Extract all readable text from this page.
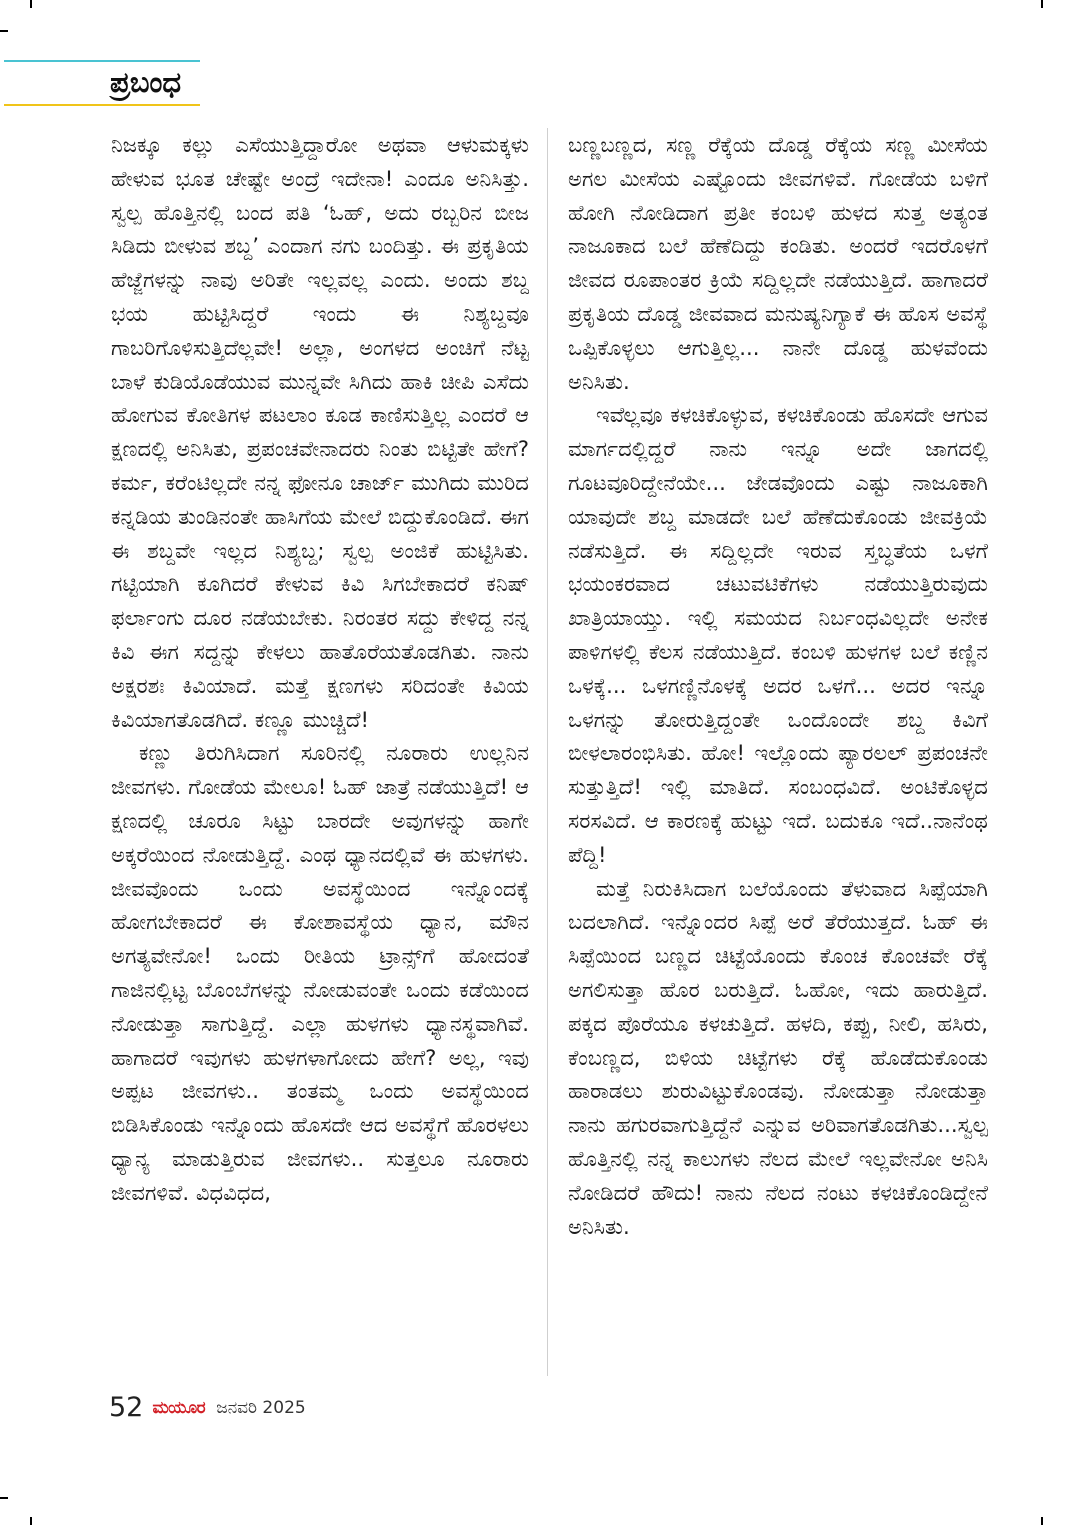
ಪ್ರಬಂಧ

ನಿಜಕ್ಕೂ ಕಲ್ಲು ಎಸೆಯುತ್ತಿದ್ದಾರೋ ಅಥವಾ ಆಳುಮಕ್ಕಳು ಹೇಳುವ ಭೂತ ಚೇಷ್ಟೇ ಅಂದ್ರೆ ಇದೇನಾ! ಎಂದೂ ಅನಿಸಿತ್ತು. ಸ್ವಲ್ಪ ಹೊತ್ತಿನಲ್ಲಿ ಬಂದ ಪತಿ ‘ಓಹ್, ಅದು ರಬ್ಬರಿನ ಬೀಜ ಸಿಡಿದು ಬೀಳುವ ಶಬ್ದ’ ಎಂದಾಗ ನಗು ಬಂದಿತ್ತು. ಈ ಪ್ರಕೃತಿಯ ಹೆಜ್ಜೆಗಳನ್ನು ನಾವು ಅರಿತೇ ಇಲ್ಲವಲ್ಲ ಎಂದು. ಅಂದು ಶಬ್ದ ಭಯ ಹುಟ್ಟಿಸಿದ್ದರೆ ಇಂದು ಈ ನಿಶ್ಯಬ್ದವೂ ಗಾಬರಿಗೊಳಿಸುತ್ತಿದೆಲ್ಲವೇ! ಅಲ್ಲಾ, ಅಂಗಳದ ಅಂಚಿಗೆ ನೆಟ್ಟ ಬಾಳೆ ಕುಡಿಯೊಡೆಯುವ ಮುನ್ನವೇ ಸಿಗಿದು ಹಾಕಿ ಚೀಪಿ ಎಸೆದು ಹೋಗುವ ಕೋತಿಗಳ ಪಟಲಾಂ ಕೂಡ ಕಾಣಿಸುತ್ತಿಲ್ಲ ಎಂದರೆ ಆ ಕ್ಷಣದಲ್ಲಿ ಅನಿಸಿತು, ಪ್ರಪಂಚವೇನಾದರು ನಿಂತು ಬಿಟ್ಟಿತೇ ಹೇಗೆ? ಕರ್ಮ, ಕರೆಂಟಿಲ್ಲದೇ ನನ್ನ ಫೋನೂ ಚಾರ್ಜ್ ಮುಗಿದು ಮುರಿದ ಕನ್ನಡಿಯ ತುಂಡಿನಂತೇ ಹಾಸಿಗೆಯ ಮೇಲೆ ಬಿದ್ದುಕೊಂಡಿದೆ. ಈಗ ಈ ಶಬ್ದವೇ ಇಲ್ಲದ ನಿಶ್ಯಬ್ದ; ಸ್ವಲ್ಪ ಅಂಜಿಕೆ ಹುಟ್ಟಿಸಿತು. ಗಟ್ಟಿಯಾಗಿ ಕೂಗಿದರೆ ಕೇಳುವ ಕಿವಿ ಸಿಗಬೇಕಾದರೆ ಕನಿಷ್ ಫರ್ಲಾಂಗು ದೂರ ನಡೆಯಬೇಕು. ನಿರಂತರ ಸದ್ದು ಕೇಳಿದ್ದ ನನ್ನ ಕಿವಿ ಈಗ ಸದ್ದನ್ನು ಕೇಳಲು ಹಾತೊರೆಯತೊಡಗಿತು. ನಾನು ಅಕ್ಷರಶಃ ಕಿವಿಯಾದೆ. ಮತ್ತೆ ಕ್ಷಣಗಳು ಸರಿದಂತೇ ಕಿವಿಯ ಕಿವಿಯಾಗತೊಡಗಿದೆ. ಕಣ್ಣೂ ಮುಚ್ಚಿದೆ!

ಕಣ್ಣು ತಿರುಗಿಸಿದಾಗ ಸೂರಿನಲ್ಲಿ ನೂರಾರು ಉಲ್ಲನಿನ ಜೀವಗಳು. ಗೋಡೆಯ ಮೇಲೂ! ಓಹ್ ಜಾತ್ರೆ ನಡೆಯುತ್ತಿದೆ! ಆ ಕ್ಷಣದಲ್ಲಿ ಚೂರೂ ಸಿಟ್ಟು ಬಾರದೇ ಅವುಗಳನ್ನು ಹಾಗೇ ಅಕ್ಕರೆಯಿಂದ ನೋಡುತ್ತಿದ್ದೆ. ಎಂಥ ಧ್ಯಾನದಲ್ಲಿವೆ ಈ ಹುಳಗಳು. ಜೀವವೊಂದು ಒಂದು ಅವಸ್ಥೆಯಿಂದ ಇನ್ನೊಂದಕ್ಕೆ ಹೋಗಬೇಕಾದರೆ ಈ ಕೋಶಾವಸ್ಥೆಯ ಧ್ಯಾನ, ಮೌನ ಅಗತ್ಯವೇನೋ! ಒಂದು ರೀತಿಯ ಟ್ರಾನ್ಸ್‌ಗೆ ಹೋದಂತೆ ಗಾಜಿನಲ್ಲಿಟ್ಟ ಬೊಂಬೆಗಳನ್ನು ನೋಡುವಂತೇ ಒಂದು ಕಡೆಯಿಂದ ನೋಡುತ್ತಾ ಸಾಗುತ್ತಿದ್ದೆ. ಎಲ್ಲಾ ಹುಳಗಳು ಧ್ಯಾನಸ್ಥವಾಗಿವೆ. ಹಾಗಾದರೆ ಇವುಗಳು ಹುಳಗಳಾಗೋದು ಹೇಗೆ? ಅಲ್ಲ, ಇವು ಅಪ್ಪಟ ಜೀವಗಳು.. ತಂತಮ್ಮ ಒಂದು ಅವಸ್ಥೆಯಿಂದ ಬಿಡಿಸಿಕೊಂಡು ಇನ್ನೊಂದು ಹೊಸದೇ ಆದ ಅವಸ್ಥೆಗೆ ಹೊರಳಲು ಧ್ಯಾನ್ಯ ಮಾಡುತ್ತಿರುವ ಜೀವಗಳು.. ಸುತ್ತಲೂ ನೂರಾರು ಜೀವಗಳಿವೆ. ವಿಧವಿಧದ,

ಬಣ್ಣಬಣ್ಣದ, ಸಣ್ಣ ರೆಕ್ಕೆಯ ದೊಡ್ಡ ರೆಕ್ಕೆಯ ಸಣ್ಣ ಮೀಸೆಯ ಅಗಲ ಮೀಸೆಯ ಎಷ್ಟೊಂದು ಜೀವಗಳಿವೆ. ಗೋಡೆಯ ಬಳಿಗೆ ಹೋಗಿ ನೋಡಿದಾಗ ಪ್ರತೀ ಕಂಬಳಿ ಹುಳದ ಸುತ್ತ ಅತ್ಯಂತ ನಾಜೂಕಾದ ಬಲೆ ಹೆಣೆದಿದ್ದು ಕಂಡಿತು. ಅಂದರೆ ಇದರೊಳಗೆ ಜೀವದ ರೂಪಾಂತರ ಕ್ರಿಯೆ ಸದ್ದಿಲ್ಲದೇ ನಡೆಯುತ್ತಿದೆ. ಹಾಗಾದರೆ ಪ್ರಕೃತಿಯ ದೊಡ್ಡ ಜೀವವಾದ ಮನುಷ್ಯನಿಗ್ಯಾಕೆ ಈ ಹೊಸ ಅವಸ್ಥೆ ಒಪ್ಪಿಕೊಳ್ಳಲು ಆಗುತ್ತಿಲ್ಲ... ನಾನೇ ದೊಡ್ಡ ಹುಳವೆಂದು ಅನಿಸಿತು.

ಇವೆಲ್ಲವೂ ಕಳಚಿಕೊಳ್ಳುವ, ಕಳಚಿಕೊಂಡು ಹೊಸದೇ ಆಗುವ ಮಾರ್ಗದಲ್ಲಿದ್ದರೆ ನಾನು ಇನ್ನೂ ಅದೇ ಜಾಗದಲ್ಲಿ ಗೂಟವೂರಿದ್ದೇನೆಯೇ... ಜೇಡವೊಂದು ಎಷ್ಟು ನಾಜೂಕಾಗಿ ಯಾವುದೇ ಶಬ್ದ ಮಾಡದೇ ಬಲೆ ಹೆಣೆದುಕೊಂಡು ಜೀವಕ್ರಿಯೆ ನಡೆಸುತ್ತಿದೆ. ಈ ಸದ್ದಿಲ್ಲದೇ ಇರುವ ಸ್ತಬ್ಧತೆಯ ಒಳಗೆ ಭಯಂಕರವಾದ ಚಟುವಟಿಕೆಗಳು ನಡೆಯುತ್ತಿರುವುದು ಖಾತ್ರಿಯಾಯ್ತು. ಇಲ್ಲಿ ಸಮಯದ ನಿರ್ಬಂಧವಿಲ್ಲದೇ ಅನೇಕ ಪಾಳಿಗಳಲ್ಲಿ ಕೆಲಸ ನಡೆಯುತ್ತಿದೆ. ಕಂಬಳಿ ಹುಳಗಳ ಬಲೆ ಕಣ್ಣಿನ ಒಳಕ್ಕೆ... ಒಳಗಣ್ಣಿನೊಳಕ್ಕೆ ಅದರ ಒಳಗೆ... ಅದರ ಇನ್ನೂ ಒಳಗನ್ನು ತೋರುತ್ತಿದ್ದಂತೇ ಒಂದೊಂದೇ ಶಬ್ದ ಕಿವಿಗೆ ಬೀಳಲಾರಂಭಿಸಿತು. ಹೋ! ಇಲ್ಲೊಂದು ಪ್ಯಾರಲಲ್ ಪ್ರಪಂಚನೇ ಸುತ್ತುತ್ತಿದೆ! ಇಲ್ಲಿ ಮಾತಿದೆ. ಸಂಬಂಧವಿದೆ. ಅಂಟಿಕೊಳ್ಳದ ಸರಸವಿದೆ. ಆ ಕಾರಣಕ್ಕೆ ಹುಟ್ಟು ಇದೆ. ಬದುಕೂ ಇದೆ..ನಾನೆಂಥ ಪೆದ್ದಿ!

ಮತ್ತೆ ನಿರುಕಿಸಿದಾಗ ಬಲೆಯೊಂದು ತೆಳುವಾದ ಸಿಪ್ಪೆಯಾಗಿ ಬದಲಾಗಿದೆ. ಇನ್ನೊಂದರ ಸಿಪ್ಪೆ ಅರೆ ತೆರೆಯುತ್ತದೆ. ಓಹ್ ಈ ಸಿಪ್ಪೆಯಿಂದ ಬಣ್ಣದ ಚಿಟ್ಟೆಯೊಂದು ಕೊಂಚ ಕೊಂಚವೇ ರೆಕ್ಕೆ ಅಗಲಿಸುತ್ತಾ ಹೊರ ಬರುತ್ತಿದೆ. ಓಹೋ, ಇದು ಹಾರುತ್ತಿದೆ. ಪಕ್ಕದ ಪೊರೆಯೂ ಕಳಚುತ್ತಿದೆ. ಹಳದಿ, ಕಪ್ಪು, ನೀಲಿ, ಹಸಿರು, ಕೆಂಬಣ್ಣದ, ಬಿಳಿಯ ಚಿಟ್ಟೆಗಳು ರೆಕ್ಕೆ ಹೊಡೆದುಕೊಂಡು ಹಾರಾಡಲು ಶುರುವಿಟ್ಟುಕೊಂಡವು. ನೋಡುತ್ತಾ ನೋಡುತ್ತಾ ನಾನು ಹಗುರವಾಗುತ್ತಿದ್ದೆನೆ ಎನ್ನುವ ಅರಿವಾಗತೊಡಗಿತು...ಸ್ವಲ್ಪ ಹೊತ್ತಿನಲ್ಲಿ ನನ್ನ ಕಾಲುಗಳು ನೆಲದ ಮೇಲೆ ಇಲ್ಲವೇನೋ ಅನಿಸಿ ನೋಡಿದರೆ ಹೌದು! ನಾನು ನೆಲದ ನಂಟು ಕಳಚಿಕೊಂಡಿದ್ದೇನೆ ಅನಿಸಿತು.

52 ಮಯೂರ ಜನವರಿ 2025
